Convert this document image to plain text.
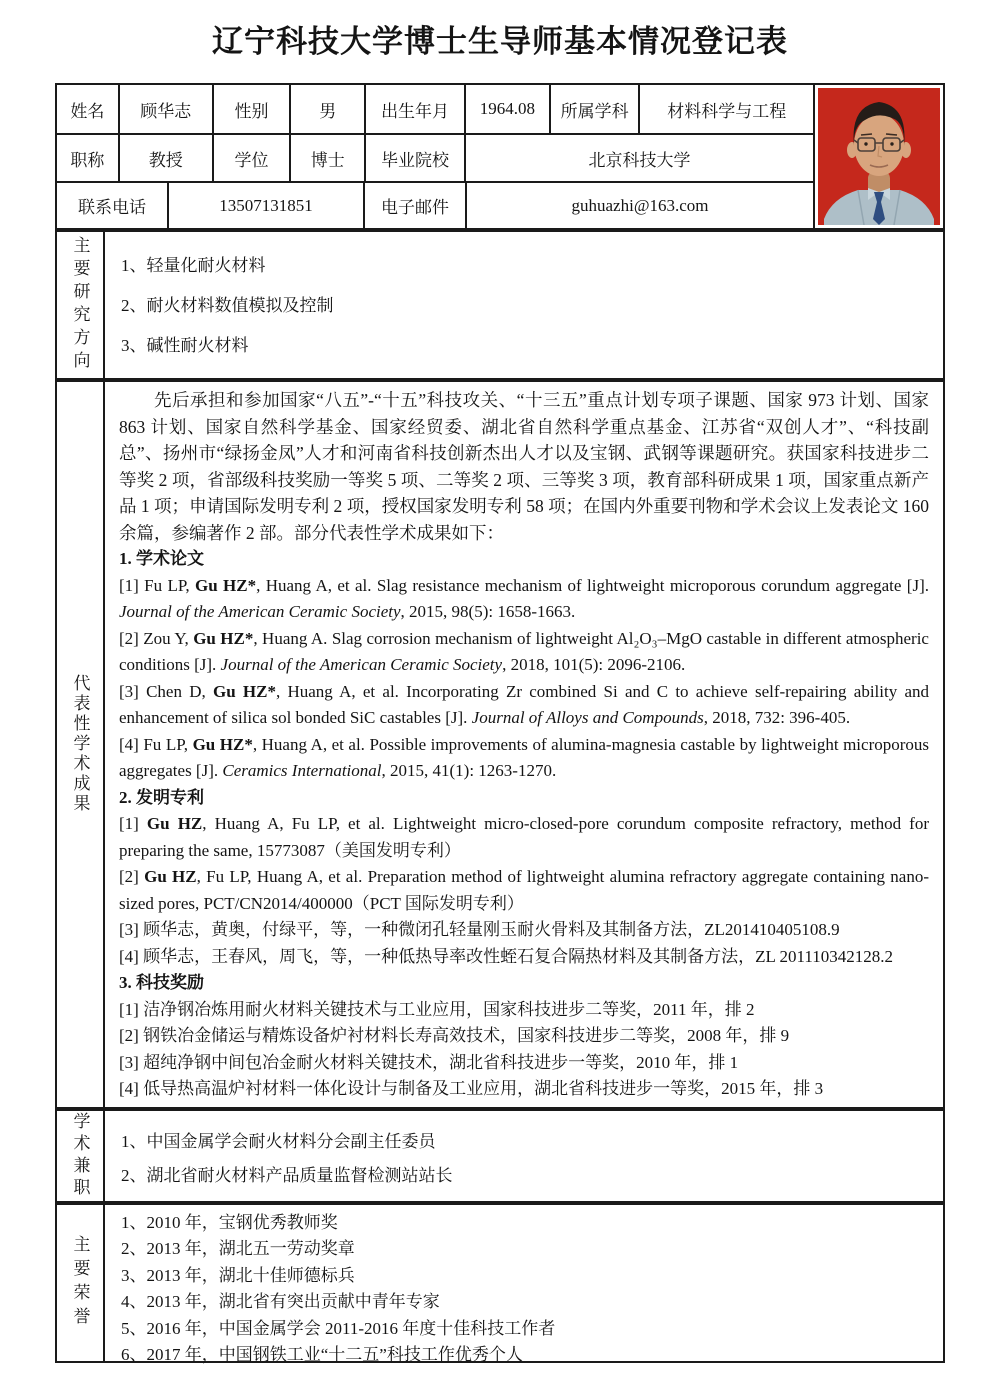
辽宁科技大学博士生导师基本情况登记表
姓名	顾华志	性别	男	出生年月	1964.08	所属学科	材料科学与工程
职称	教授	学位	博士	毕业院校	北京科技大学
联系电话	13507131851	电子邮件	guhuazhi@163.com
主要研究方向 1、轻量化耐火材料
2、耐火材料数值模拟及控制
3、碱性耐火材料
代表性学术成果

先后承担和参加国家“八五”-“十五”科技攻关、“十三五”重点计划专项子课题、国家 973 计划、国家 863 计划、国家自然科学基金、国家经贸委、湖北省自然科学重点基金、江苏省“双创人才”、“科技副总”、扬州市“绿扬金凤”人才和河南省科技创新杰出人才以及宝钢、武钢等课题研究。获国家科技进步二等奖 2 项，省部级科技奖励一等奖 5 项、二等奖 2 项、三等奖 3 项，教育部科研成果 1 项，国家重点新产品 1 项；申请国际发明专利 2 项，授权国家发明专利 58 项；在国内外重要刊物和学术会议上发表论文 160 余篇，参编著作 2 部。部分代表性学术成果如下：

1. 学术论文
[1] Fu LP, Gu HZ*, Huang A, et al. Slag resistance mechanism of lightweight microporous corundum aggregate [J]. Journal of the American Ceramic Society, 2015, 98(5): 1658-1663.
[2] Zou Y, Gu HZ*, Huang A. Slag corrosion mechanism of lightweight Al₂O₃–MgO castable in different atmospheric conditions [J]. Journal of the American Ceramic Society, 2018, 101(5): 2096-2106.
[3] Chen D, Gu HZ*, Huang A, et al. Incorporating Zr combined Si and C to achieve self-repairing ability and enhancement of silica sol bonded SiC castables [J]. Journal of Alloys and Compounds, 2018, 732: 396-405.
[4] Fu LP, Gu HZ*, Huang A, et al. Possible improvements of alumina-magnesia castable by lightweight microporous aggregates [J]. Ceramics International, 2015, 41(1): 1263-1270.
2. 发明专利
[1] Gu HZ, Huang A, Fu LP, et al. Lightweight micro-closed-pore corundum composite refractory, method for preparing the same, 15773087（美国发明专利）
[2] Gu HZ, Fu LP, Huang A, et al. Preparation method of lightweight alumina refractory aggregate containing nano-sized pores, PCT/CN2014/400000（PCT 国际发明专利）
[3] 顾华志，黄奥，付绿平，等，一种微闭孔轻量刚玉耐火骨料及其制备方法，ZL201410405108.9
[4] 顾华志，王春风，周飞，等，一种低热导率改性蛭石复合隔热材料及其制备方法，ZL 201110342128.2
3. 科技奖励
[1] 洁净钢冶炼用耐火材料关键技术与工业应用，国家科技进步二等奖，2011 年，排 2
[2] 钢铁冶金储运与精炼设备炉衬材料长寿高效技术，国家科技进步二等奖，2008 年，排 9
[3] 超纯净钢中间包冶金耐火材料关键技术，湖北省科技进步一等奖，2010 年，排 1
[4] 低导热高温炉衬材料一体化设计与制备及工业应用，湖北省科技进步一等奖，2015 年，排 3
学术兼职 1、中国金属学会耐火材料分会副主任委员
2、湖北省耐火材料产品质量监督检测站站长
主要荣誉
1、2010 年，宝钢优秀教师奖
2、2013 年，湖北五一劳动奖章
3、2013 年，湖北十佳师德标兵
4、2013 年，湖北省有突出贡献中青年专家
5、2016 年，中国金属学会 2011-2016 年度十佳科技工作者
6、2017 年，中国钢铁工业“十二五”科技工作优秀个人
